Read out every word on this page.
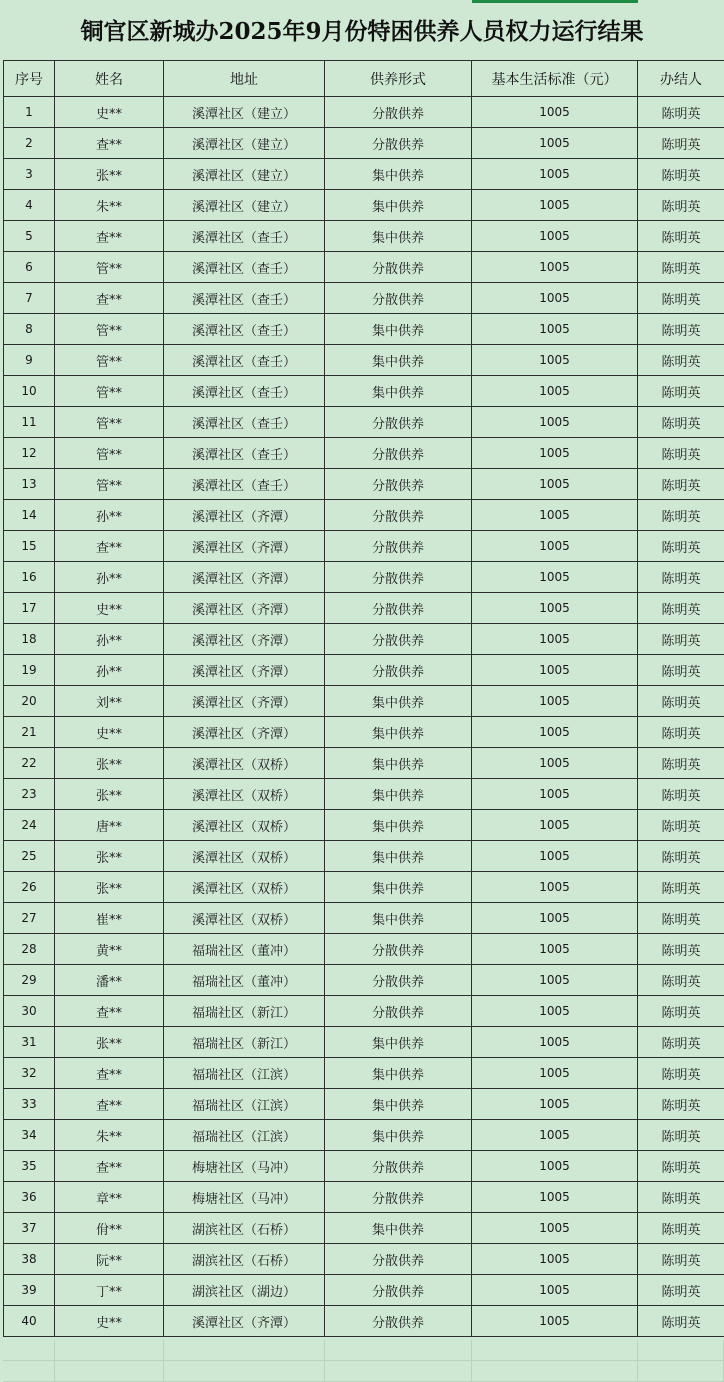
铜官区新城办2025年9月份特困供养人员权力运行结果
序号	姓名	地址	供养形式	基本生活标准（元）	办结人
1	史**	溪潭社区（建立）	分散供养	1005	陈明英
2	查**	溪潭社区（建立）	分散供养	1005	陈明英
3	张**	溪潭社区（建立）	集中供养	1005	陈明英
4	朱**	溪潭社区（建立）	集中供养	1005	陈明英
5	查**	溪潭社区（查壬）	集中供养	1005	陈明英
6	管**	溪潭社区（查壬）	分散供养	1005	陈明英
7	查**	溪潭社区（查壬）	分散供养	1005	陈明英
8	管**	溪潭社区（查壬）	集中供养	1005	陈明英
9	管**	溪潭社区（查壬）	集中供养	1005	陈明英
10	管**	溪潭社区（查壬）	集中供养	1005	陈明英
11	管**	溪潭社区（查壬）	分散供养	1005	陈明英
12	管**	溪潭社区（查壬）	分散供养	1005	陈明英
13	管**	溪潭社区（查壬）	分散供养	1005	陈明英
14	孙**	溪潭社区（齐潭）	分散供养	1005	陈明英
15	查**	溪潭社区（齐潭）	分散供养	1005	陈明英
16	孙**	溪潭社区（齐潭）	分散供养	1005	陈明英
17	史**	溪潭社区（齐潭）	分散供养	1005	陈明英
18	孙**	溪潭社区（齐潭）	分散供养	1005	陈明英
19	孙**	溪潭社区（齐潭）	分散供养	1005	陈明英
20	刘**	溪潭社区（齐潭）	集中供养	1005	陈明英
21	史**	溪潭社区（齐潭）	集中供养	1005	陈明英
22	张**	溪潭社区（双桥）	集中供养	1005	陈明英
23	张**	溪潭社区（双桥）	集中供养	1005	陈明英
24	唐**	溪潭社区（双桥）	集中供养	1005	陈明英
25	张**	溪潭社区（双桥）	集中供养	1005	陈明英
26	张**	溪潭社区（双桥）	集中供养	1005	陈明英
27	崔**	溪潭社区（双桥）	集中供养	1005	陈明英
28	黄**	福瑞社区（董冲）	分散供养	1005	陈明英
29	潘**	福瑞社区（董冲）	分散供养	1005	陈明英
30	查**	福瑞社区（新江）	分散供养	1005	陈明英
31	张**	福瑞社区（新江）	集中供养	1005	陈明英
32	查**	福瑞社区（江滨）	集中供养	1005	陈明英
33	查**	福瑞社区（江滨）	集中供养	1005	陈明英
34	朱**	福瑞社区（江滨）	集中供养	1005	陈明英
35	查**	梅塘社区（马冲）	分散供养	1005	陈明英
36	章**	梅塘社区（马冲）	分散供养	1005	陈明英
37	佾**	湖滨社区（石桥）	集中供养	1005	陈明英
38	阮**	湖滨社区（石桥）	分散供养	1005	陈明英
39	丁**	湖滨社区（湖边）	分散供养	1005	陈明英
40	史**	溪潭社区（齐潭）	分散供养	1005	陈明英
